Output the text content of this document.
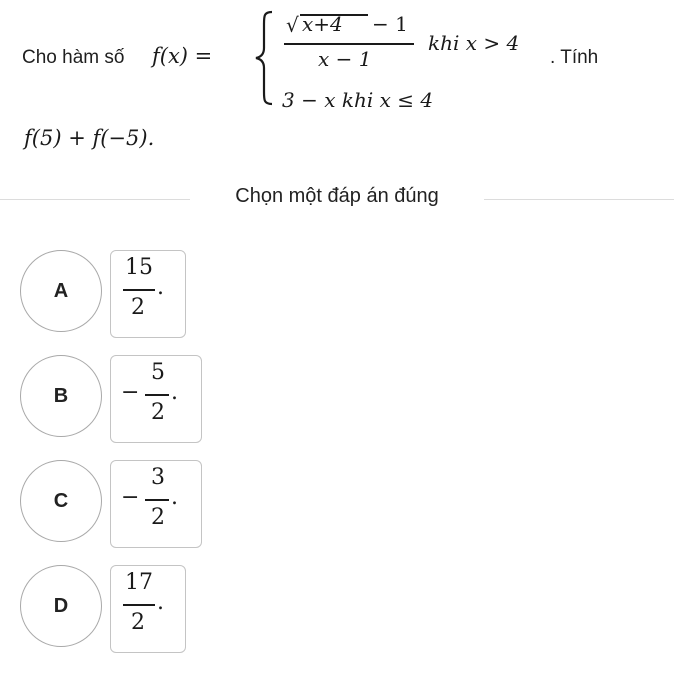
Cho hàm số f(x) =
√ x+4 − 1
x − 1
khi x > 4
. Tính
3 − x khi x ≤ 4
f(5) + f(−5).
Chọn một đáp án đúng
A
15
2
.
B	−
5
2
.
C	−
3
2
.
D
17
2
.
